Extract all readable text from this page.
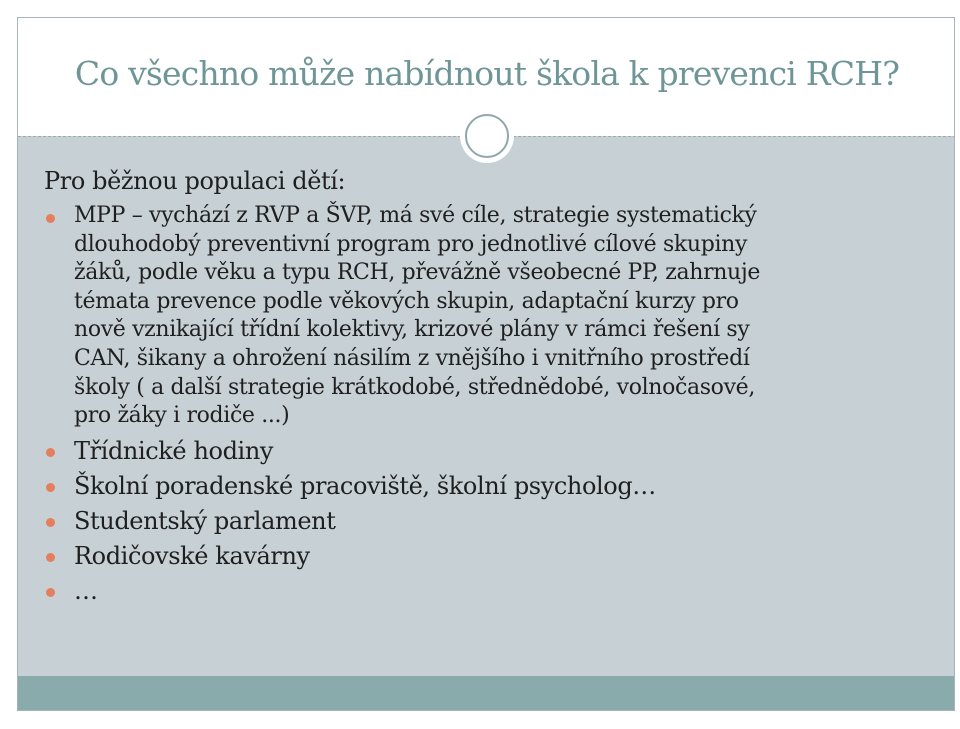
Co všechno může nabídnout škola k prevenci RCH?

Pro běžnou populaci dětí:

MPP – vychází z RVP a ŠVP, má své cíle, strategie systematický
dlouhodobý preventivní program pro jednotlivé cílové skupiny
žáků, podle věku a typu RCH, převážně všeobecné PP, zahrnuje
témata prevence podle věkových skupin, adaptační kurzy pro
nově vznikající třídní kolektivy, krizové plány v rámci řešení sy
CAN, šikany a ohrožení násilím z vnějšího i vnitřního prostředí
školy ( a další strategie krátkodobé, střednědobé, volnočasové,
pro žáky i rodiče ...)
Třídnické hodiny
Školní poradenské pracoviště, školní psycholog…
Studentský parlament
Rodičovské kavárny
…
